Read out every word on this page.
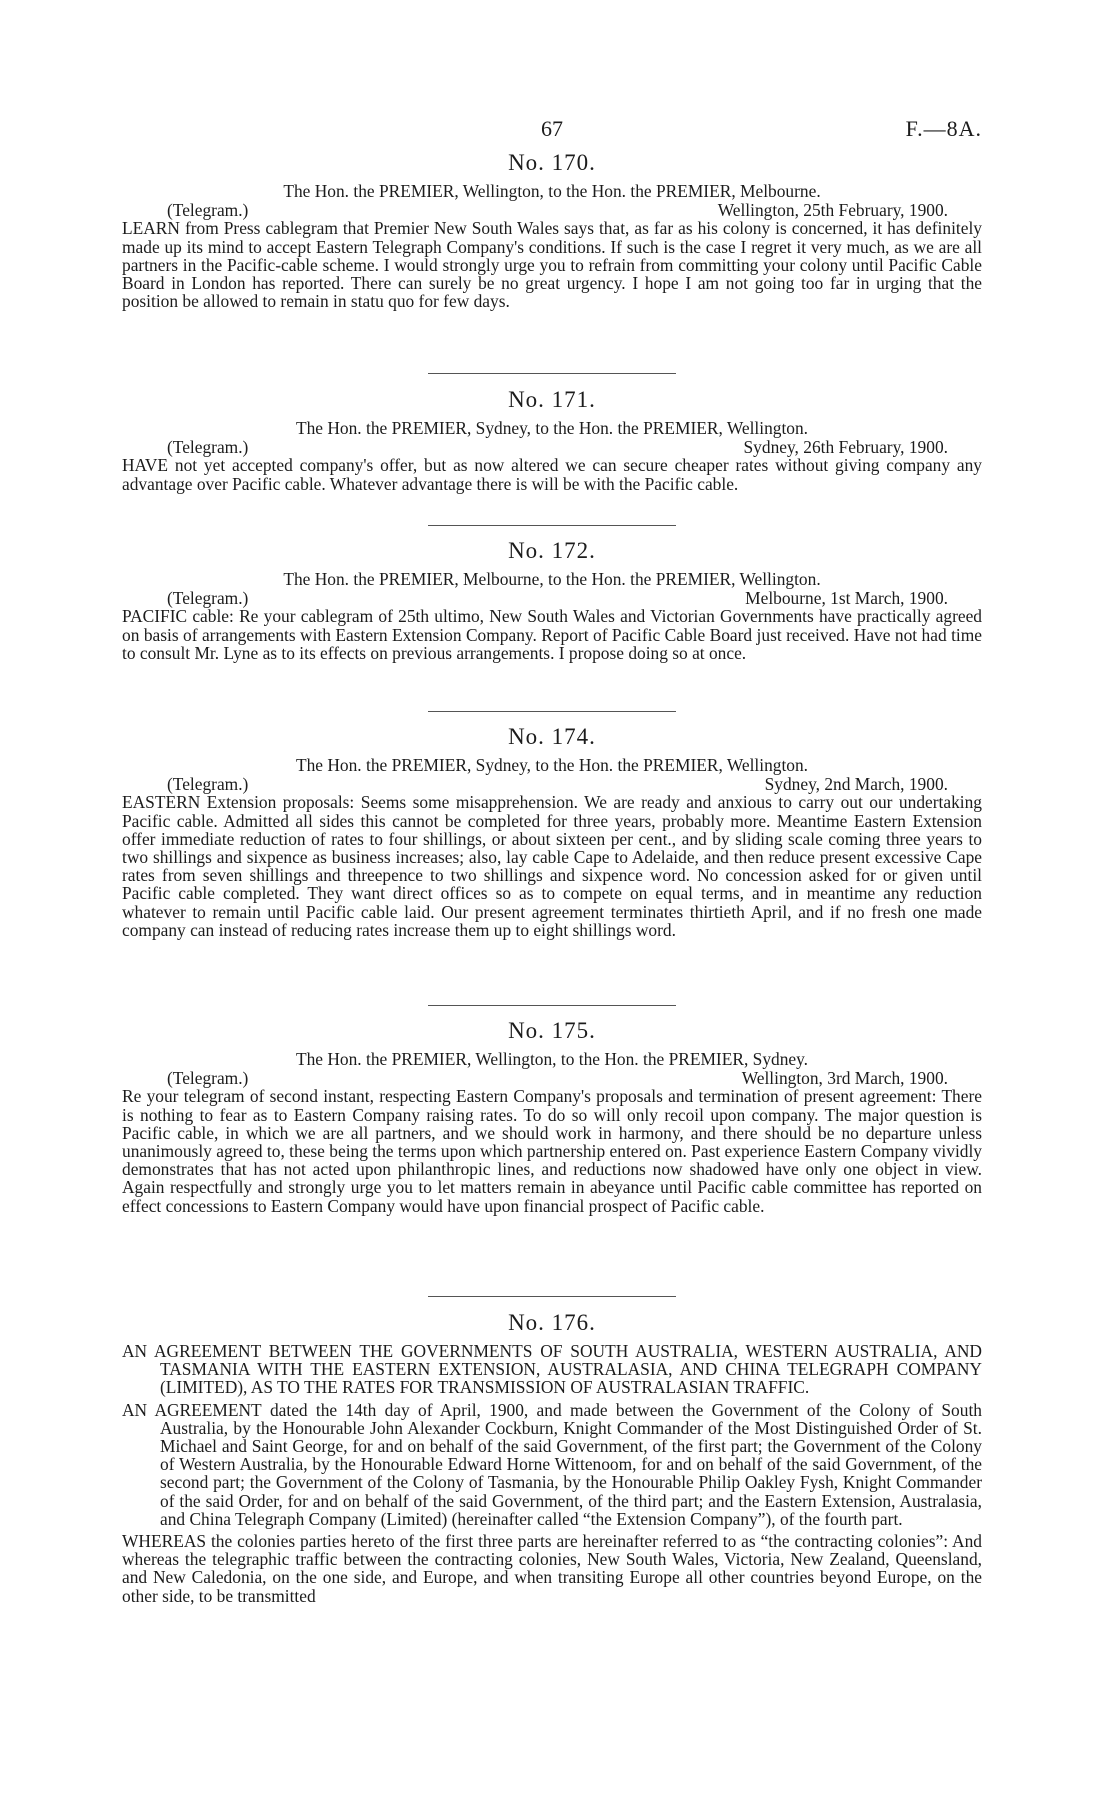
67	F.—8A.
No. 170.
The Hon. the PREMIER, Wellington, to the Hon. the PREMIER, Melbourne.
(Telegram.)	Wellington, 25th February, 1900.
LEARN from Press cablegram that Premier New South Wales says that, as far as his colony is concerned, it has definitely made up its mind to accept Eastern Telegraph Company's conditions. If such is the case I regret it very much, as we are all partners in the Pacific-cable scheme. I would strongly urge you to refrain from committing your colony until Pacific Cable Board in London has reported. There can surely be no great urgency. I hope I am not going too far in urging that the position be allowed to remain in statu quo for few days.
No. 171.
The Hon. the PREMIER, Sydney, to the Hon. the PREMIER, Wellington.
(Telegram.)	Sydney, 26th February, 1900.
HAVE not yet accepted company's offer, but as now altered we can secure cheaper rates without giving company any advantage over Pacific cable. Whatever advantage there is will be with the Pacific cable.
No. 172.
The Hon. the PREMIER, Melbourne, to the Hon. the PREMIER, Wellington.
(Telegram.)	Melbourne, 1st March, 1900.
PACIFIC cable: Re your cablegram of 25th ultimo, New South Wales and Victorian Governments have practically agreed on basis of arrangements with Eastern Extension Company. Report of Pacific Cable Board just received. Have not had time to consult Mr. Lyne as to its effects on previous arrangements. I propose doing so at once.
No. 174.
The Hon. the PREMIER, Sydney, to the Hon. the PREMIER, Wellington.
(Telegram.)	Sydney, 2nd March, 1900.
EASTERN Extension proposals: Seems some misapprehension. We are ready and anxious to carry out our undertaking Pacific cable. Admitted all sides this cannot be completed for three years, probably more. Meantime Eastern Extension offer immediate reduction of rates to four shillings, or about sixteen per cent., and by sliding scale coming three years to two shillings and sixpence as business increases; also, lay cable Cape to Adelaide, and then reduce present excessive Cape rates from seven shillings and threepence to two shillings and sixpence word. No concession asked for or given until Pacific cable completed. They want direct offices so as to compete on equal terms, and in meantime any reduction whatever to remain until Pacific cable laid. Our present agreement terminates thirtieth April, and if no fresh one made company can instead of reducing rates increase them up to eight shillings word.
No. 175.
The Hon. the PREMIER, Wellington, to the Hon. the PREMIER, Sydney.
(Telegram.)	Wellington, 3rd March, 1900.
Re your telegram of second instant, respecting Eastern Company's proposals and termination of present agreement: There is nothing to fear as to Eastern Company raising rates. To do so will only recoil upon company. The major question is Pacific cable, in which we are all partners, and we should work in harmony, and there should be no departure unless unanimously agreed to, these being the terms upon which partnership entered on. Past experience Eastern Company vividly demonstrates that has not acted upon philanthropic lines, and reductions now shadowed have only one object in view. Again respectfully and strongly urge you to let matters remain in abeyance until Pacific cable committee has reported on effect concessions to Eastern Company would have upon financial prospect of Pacific cable.
No. 176.

AN AGREEMENT BETWEEN THE GOVERNMENTS OF SOUTH AUSTRALIA, WESTERN AUSTRALIA, AND TASMANIA WITH THE EASTERN EXTENSION, AUSTRALASIA, AND CHINA TELEGRAPH COMPANY (LIMITED), AS TO THE RATES FOR TRANSMISSION OF AUSTRALASIAN TRAFFIC.

AN AGREEMENT dated the 14th day of April, 1900, and made between the Government of the Colony of South Australia, by the Honourable John Alexander Cockburn, Knight Commander of the Most Distinguished Order of St. Michael and Saint George, for and on behalf of the said Government, of the first part; the Government of the Colony of Western Australia, by the Honourable Edward Horne Wittenoom, for and on behalf of the said Government, of the second part; the Government of the Colony of Tasmania, by the Honourable Philip Oakley Fysh, Knight Commander of the said Order, for and on behalf of the said Government, of the third part; and the Eastern Extension, Australasia, and China Telegraph Company (Limited) (hereinafter called “the Extension Company”), of the fourth part.

WHEREAS the colonies parties hereto of the first three parts are hereinafter referred to as “the contracting colonies”: And whereas the telegraphic traffic between the contracting colonies, New South Wales, Victoria, New Zealand, Queensland, and New Caledonia, on the one side, and Europe, and when transiting Europe all other countries beyond Europe, on the other side, to be transmitted
